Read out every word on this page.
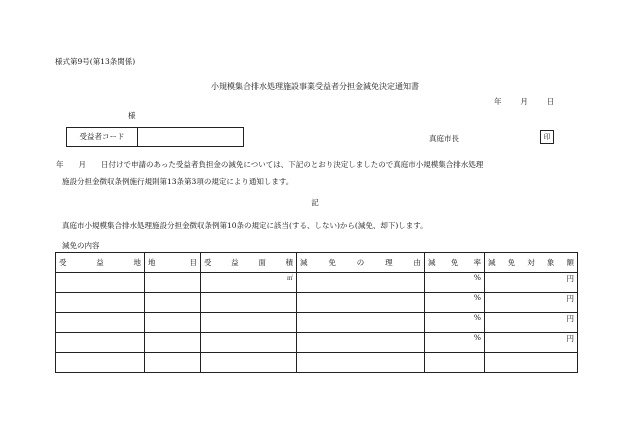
様式第9号(第13条関係)
小規模集合排水処理施設事業受益者分担金減免決定通知書
年	月	日
様
受益者コード	真庭市長	印
年　　月　　日付けで申請のあった受益者負担金の減免については、下記のとおり決定しましたので真庭市小規模集合排水処理
施設分担金徴収条例施行規則第13条第3項の規定により通知します。
記
真庭市小規模集合排水処理施設分担金徴収条例第10条の規定に該当(する、しない)から(減免、却下)します。
減免の内容
受 益 地	地 目	受 益 面 積	減 免 の 理 由	減 免 率	減 免 対 象 額

		㎡		%	円
				%	円
				%	円
				%	円
